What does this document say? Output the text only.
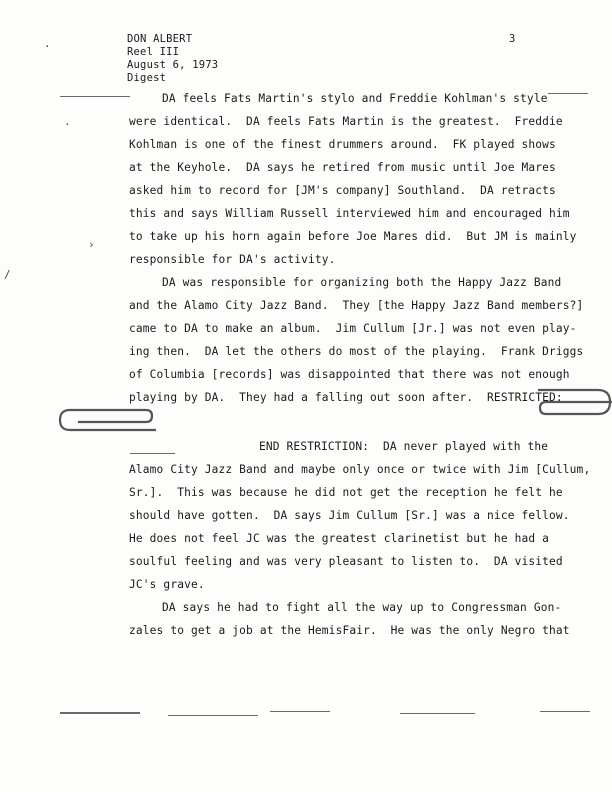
DON ALBERT
Reel III
August 6, 1973
Digest
3
›
/
·
·
DA feels Fats Martin's stylo and Freddie Kohlman's style
were identical.  DA feels Fats Martin is the greatest.  Freddie
Kohlman is one of the finest drummers around.  FK played shows
at the Keyhole.  DA says he retired from music until Joe Mares
asked him to record for [JM's company] Southland.  DA retracts
this and says William Russell interviewed him and encouraged him
to take up his horn again before Joe Mares did.  But JM is mainly
responsible for DA's activity.
DA was responsible for organizing both the Happy Jazz Band
and the Alamo City Jazz Band.  They [the Happy Jazz Band members?]
came to DA to make an album.  Jim Cullum [Jr.] was not even play-
ing then.  DA let the others do most of the playing.  Frank Driggs
of Columbia [records] was disappointed that there was not enough
playing by DA.  They had a falling out soon after.  RESTRICTED:
END RESTRICTION:  DA never played with the
Alamo City Jazz Band and maybe only once or twice with Jim [Cullum,
Sr.].  This was because he did not get the reception he felt he
should have gotten.  DA says Jim Cullum [Sr.] was a nice fellow.
He does not feel JC was the greatest clarinetist but he had a
soulful feeling and was very pleasant to listen to.  DA visited
JC's grave.
DA says he had to fight all the way up to Congressman Gon-
zales to get a job at the HemisFair.  He was the only Negro that
